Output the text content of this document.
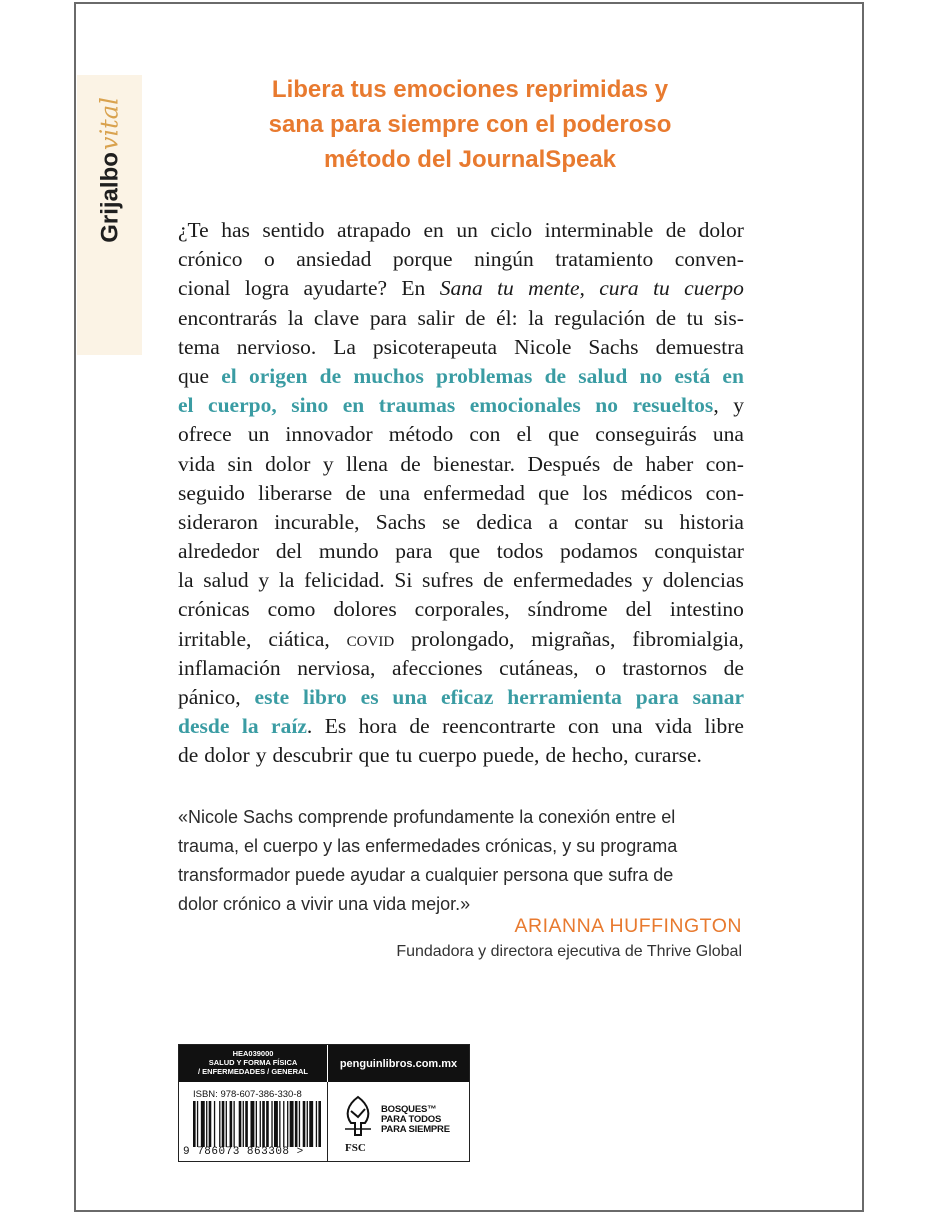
Grijalbovital
Libera tus emociones reprimidas y
sana para siempre con el poderoso
método del JournalSpeak
¿Te has sentido atrapado en un ciclo interminable de dolor
crónico o ansiedad porque ningún tratamiento conven-
cional logra ayudarte? En Sana tu mente, cura tu cuerpo
encontrarás la clave para salir de él: la regulación de tu sis-
tema nervioso. La psicoterapeuta Nicole Sachs demuestra
que el origen de muchos problemas de salud no está en
el cuerpo, sino en traumas emocionales no resueltos, y
ofrece un innovador método con el que conseguirás una
vida sin dolor y llena de bienestar. Después de haber con-
seguido liberarse de una enfermedad que los médicos con-
sideraron incurable, Sachs se dedica a contar su historia
alrededor del mundo para que todos podamos conquistar
la salud y la felicidad. Si sufres de enfermedades y dolencias
crónicas como dolores corporales, síndrome del intestino
irritable, ciática, covid prolongado, migrañas, fibromialgia,
inflamación nerviosa, afecciones cutáneas, o trastornos de
pánico, este libro es una eficaz herramienta para sanar
desde la raíz. Es hora de reencontrarte con una vida libre
de dolor y descubrir que tu cuerpo puede, de hecho, curarse.
«Nicole Sachs comprende profundamente la conexión entre el
trauma, el cuerpo y las enfermedades crónicas, y su programa
transformador puede ayudar a cualquier persona que sufra de
dolor crónico a vivir una vida mejor.»
ARIANNA HUFFINGTON
Fundadora y directora ejecutiva de Thrive Global
HEA039000
SALUD Y FORMA FÍSICA
/ ENFERMEDADES / GENERAL
penguinlibros.com.mx
ISBN: 978-607-386-330-8
9 786073 863308 >	FSC
BOSQUES™
PARA TODOS
PARA SIEMPRE
